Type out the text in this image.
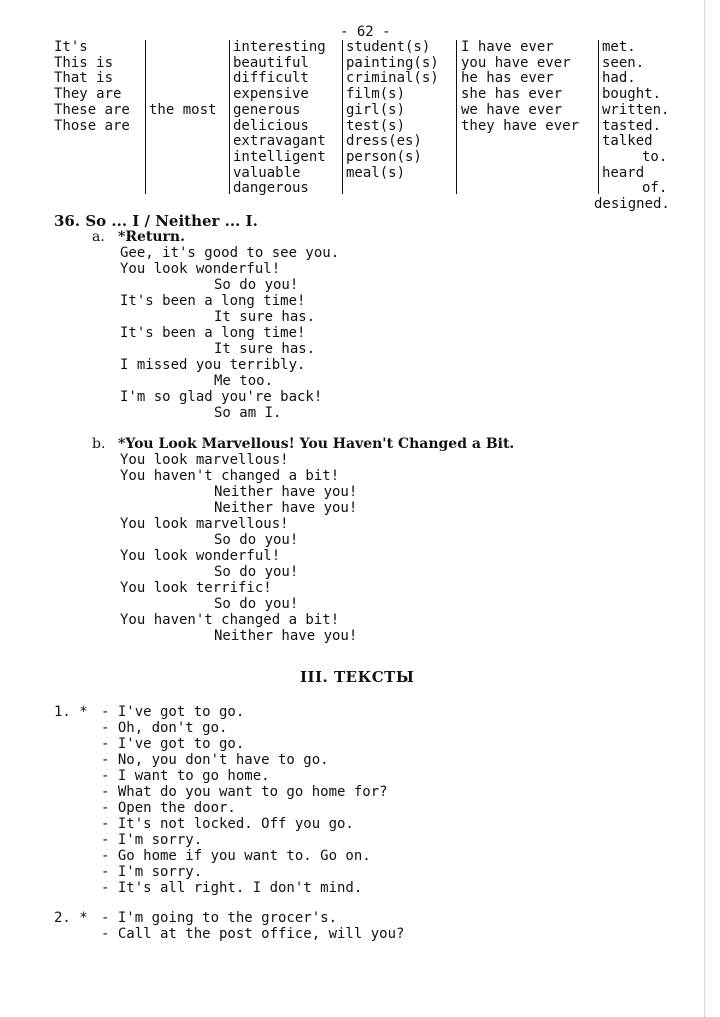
- 62 -
It's
This is
That is
They are
These are
Those are
the most
interesting
beautiful
difficult
expensive
generous
delicious
extravagant
intelligent
valuable
dangerous
student(s)
painting(s)
criminal(s)
film(s)
girl(s)
test(s)
dress(es)
person(s)
meal(s)
I have ever
you have ever
he has ever
she has ever
we have ever
they have ever
met.
seen.
had.
bought.
written.
tasted.
talked
to.
heard
of.
designed.
36. So ... I / Neither ... I.
a. *Return.
Gee, it's good to see you.
You look wonderful!
So do you!
It's been a long time!
It sure has.
It's been a long time!
It sure has.
I missed you terribly.
Me too.
I'm so glad you're back!
So am I.
b. *You Look Marvellous! You Haven't Changed a Bit.
You look marvellous!
You haven't changed a bit!
Neither have you!
Neither have you!
You look marvellous!
So do you!
You look wonderful!
So do you!
You look terrific!
So do you!
You haven't changed a bit!
Neither have you!
III. ТЕКСТЫ
1. * - I've got to go.
- Oh, don't go.
- I've got to go.
- No, you don't have to go.
- I want to go home.
- What do you want to go home for?
- Open the door.
- It's not locked. Off you go.
- I'm sorry.
- Go home if you want to. Go on.
- I'm sorry.
- It's all right. I don't mind.
2. * - I'm going to the grocer's.
- Call at the post office, will you?
